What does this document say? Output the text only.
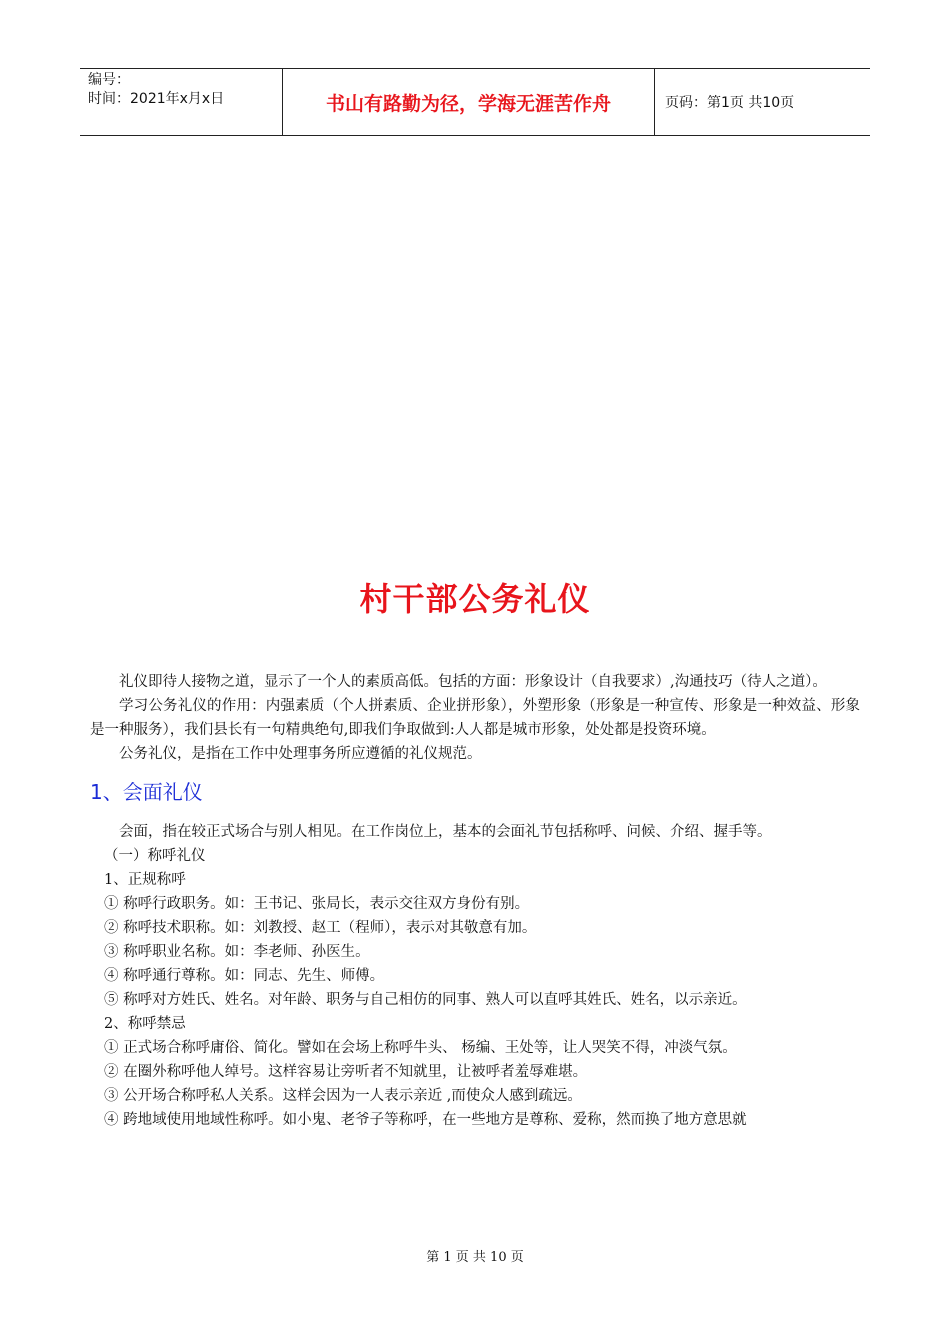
编号：
时间：2021年x月x日	书山有路勤为径，学海无涯苦作舟	页码：第1页 共10页
村干部公务礼仪

礼仪即待人接物之道，显示了一个人的素质高低。包括的方面：形象设计（自我要求）,沟通技巧（待人之道）。

学习公务礼仪的作用：内强素质（个人拼素质、企业拼形象），外塑形象（形象是一种宣传、形象是一种效益、形象是一种服务），我们县长有一句精典绝句,即我们争取做到:人人都是城市形象，处处都是投资环境。

公务礼仪，是指在工作中处理事务所应遵循的礼仪规范。

1、会面礼仪

会面，指在较正式场合与别人相见。在工作岗位上，基本的会面礼节包括称呼、问候、介绍、握手等。

（一）称呼礼仪

1、正规称呼

① 称呼行政职务。如：王书记、张局长，表示交往双方身份有别。

② 称呼技术职称。如：刘教授、赵工（程师），表示对其敬意有加。

③ 称呼职业名称。如：李老师、孙医生。

④ 称呼通行尊称。如：同志、先生、师傅。

⑤ 称呼对方姓氏、姓名。对年龄、职务与自己相仿的同事、熟人可以直呼其姓氏、姓名，以示亲近。

2、称呼禁忌

① 正式场合称呼庸俗、简化。譬如在会场上称呼牛头、 杨编、王处等，让人哭笑不得，冲淡气氛。

② 在圈外称呼他人绰号。这样容易让旁听者不知就里，让被呼者羞辱难堪。

③ 公开场合称呼私人关系。这样会因为一人表示亲近 ,而使众人感到疏远。

④ 跨地域使用地域性称呼。如小鬼、老爷子等称呼，在一些地方是尊称、爱称，然而换了地方意思就

第 1 页 共 10 页
